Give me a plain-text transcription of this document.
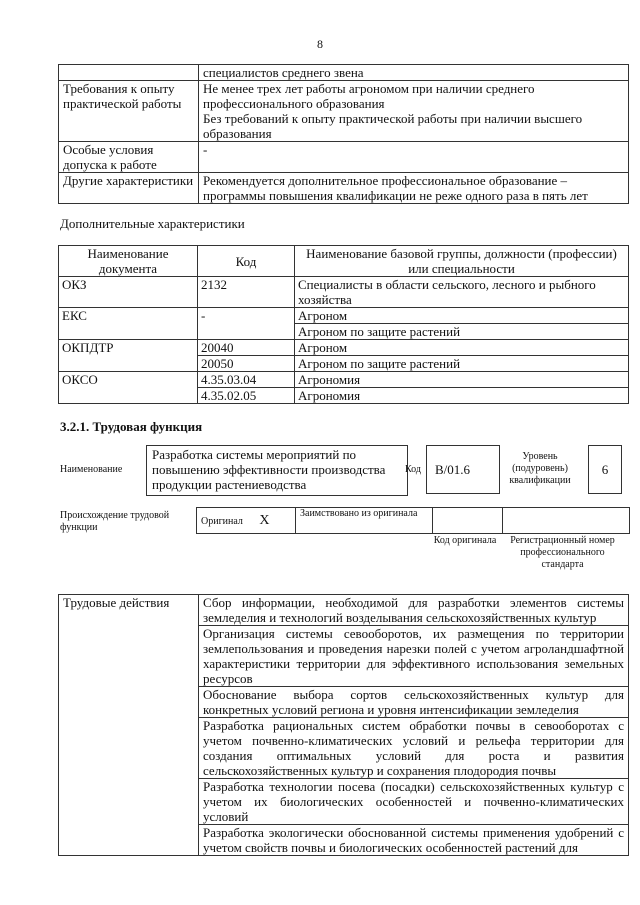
8
	специалистов среднего звена
Требования к опыту практической работы	Не менее трех лет работы агрономом при наличии среднего профессионального образования
Без требований к опыту практической работы при наличии высшего образования

Особые условия допуска к работе	-
Другие характеристики	Рекомендуется дополнительное профессиональное образование – программы повышения квалификации не реже одного раза в пять лет
Дополнительные характеристики
Наименование документа	Код	Наименование базовой группы, должности (профессии) или специальности
ОКЗ	2132	Специалисты в области сельского, лесного и рыбного хозяйства
ЕКС	-	Агроном
		Агроном по защите растений
ОКПДТР	20040	Агроном
	20050	Агроном по защите растений
ОКСО	4.35.03.04	Агрономия
	4.35.02.05	Агрономия
3.2.1. Трудовая функция
Наименование
Разработка системы мероприятий по повышению эффективности производства продукции растениеводства
Код	B/01.6
Уровень (подуровень) квалификации
6
Происхождение трудовой функции
Оригинал X	Заимствовано из оригинала		
Код оригинала	Регистрационный номер профессионального стандарта
Трудовые действия	Сбор информации, необходимой для разработки элементов системы земледелия и технологий возделывания сельскохозяйственных культур
Организация системы севооборотов, их размещения по территории землепользования и проведения нарезки полей с учетом агроландшафтной характеристики территории для эффективного использования земельных ресурсов
Обоснование выбора сортов сельскохозяйственных культур для конкретных условий региона и уровня интенсификации земледелия
Разработка рациональных систем обработки почвы в севооборотах с учетом почвенно-климатических условий и рельефа территории для создания оптимальных условий для роста и развития сельскохозяйственных культур и сохранения плодородия почвы
Разработка технологии посева (посадки) сельскохозяйственных культур с учетом их биологических особенностей и почвенно-климатических условий
Разработка экологически обоснованной системы применения удобрений с учетом свойств почвы и биологических особенностей растений для
